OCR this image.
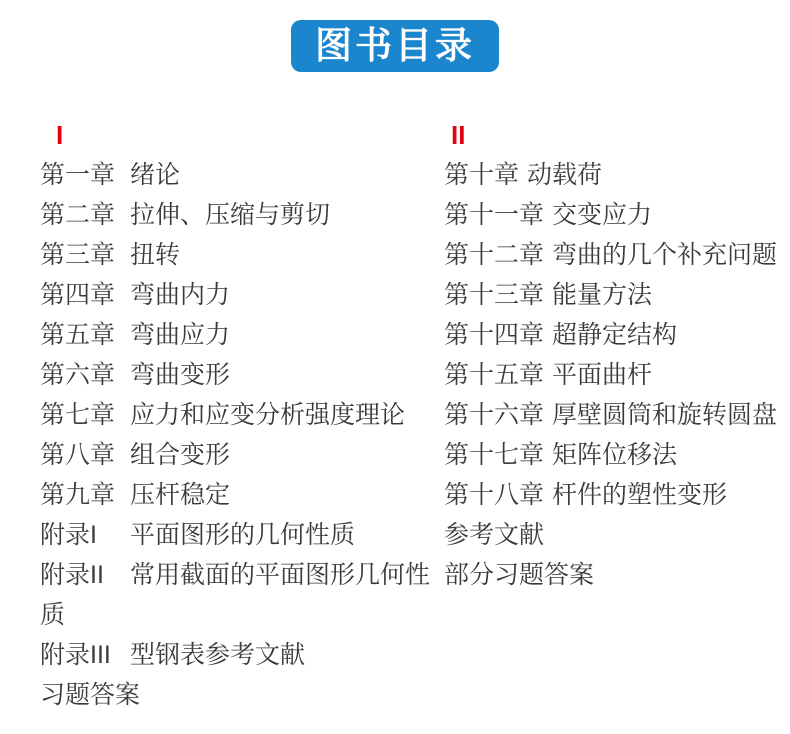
图书目录
I
第一章 绪论
第二章 拉伸、压缩与剪切
第三章 扭转
第四章 弯曲内力
第五章 弯曲应力
第六章 弯曲变形
第七章 应力和应变分析强度理论
第八章 组合变形
第九章 压杆稳定
附录I 平面图形的几何性质
附录II 常用截面的平面图形几何性质
附录III 型钢表参考文献
习题答案
II
第十章 动载荷
第十一章 交变应力
第十二章 弯曲的几个补充问题
第十三章 能量方法
第十四章 超静定结构
第十五章 平面曲杆
第十六章 厚壁圆筒和旋转圆盘
第十七章 矩阵位移法
第十八章 杆件的塑性变形
参考文献
部分习题答案
